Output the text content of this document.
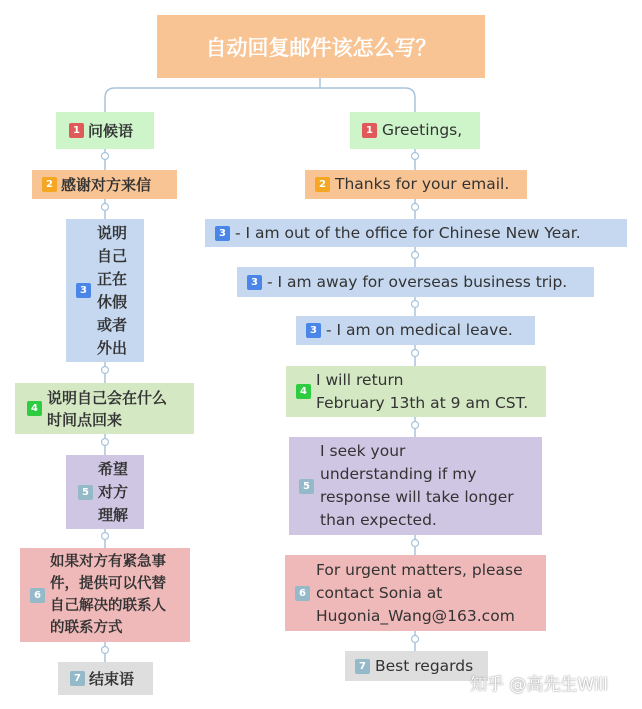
自动回复邮件该怎么写？
1 问候语
2 感谢对方来信
3
说明
自己
正在
休假
或者
外出
4
说明自己会在什么
时间点回来
5
希望
对方
理解
6
如果对方有紧急事
件，提供可以代替
自己解决的联系人
的联系方式
7 结束语
1 Greetings,
2 Thanks for your email.
3 - I am out of the office for Chinese New Year.
3 - I am away for overseas business trip.
3 - I am on medical leave.
4
I will return
February 13th at 9 am CST.
5
I seek your
understanding if my
response will take longer
than expected.
6
For urgent matters, please
contact Sonia at
Hugonia_Wang@163.com
7 Best regards
知乎 @高先生Will
